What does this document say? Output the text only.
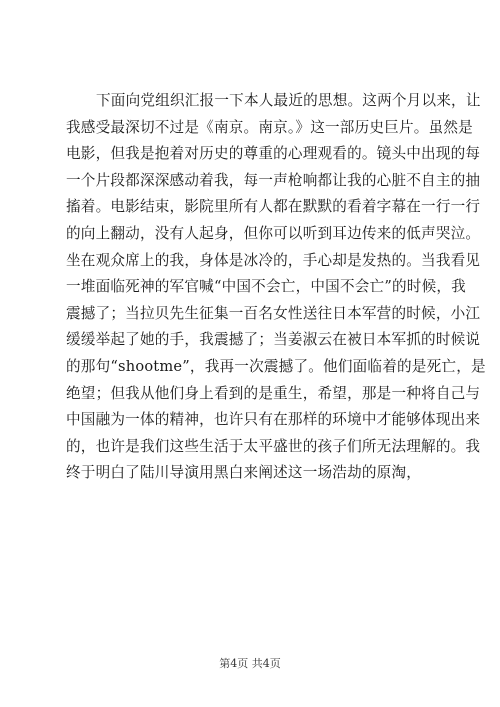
下面向党组织汇报一下本人最近的思想。这两个月以来，让
我感受最深切不过是《南京。南京。》这一部历史巨片。虽然是
电影，但我是抱着对历史的尊重的心理观看的。镜头中出现的每
一个片段都深深感动着我，每一声枪响都让我的心脏不自主的抽
搐着。电影结束，影院里所有人都在默默的看着字幕在一行一行
的向上翻动，没有人起身，但你可以听到耳边传来的低声哭泣。
坐在观众席上的我，身体是冰冷的，手心却是发热的。当我看见
一堆面临死神的军官喊“中国不会亡，中国不会亡”的时候，我
震撼了；当拉贝先生征集一百名女性送往日本军营的时候，小江
缓缓举起了她的手，我震撼了；当姜淑云在被日本军抓的时候说
的那句“shootme”，我再一次震撼了。他们面临着的是死亡，是
绝望；但我从他们身上看到的是重生，希望，那是一种将自己与
中国融为一体的精神，也许只有在那样的环境中才能够体现出来
的，也许是我们这些生活于太平盛世的孩子们所无法理解的。我
终于明白了陆川导演用黑白来阐述这一场浩劫的原淘，
第4页 共4页
